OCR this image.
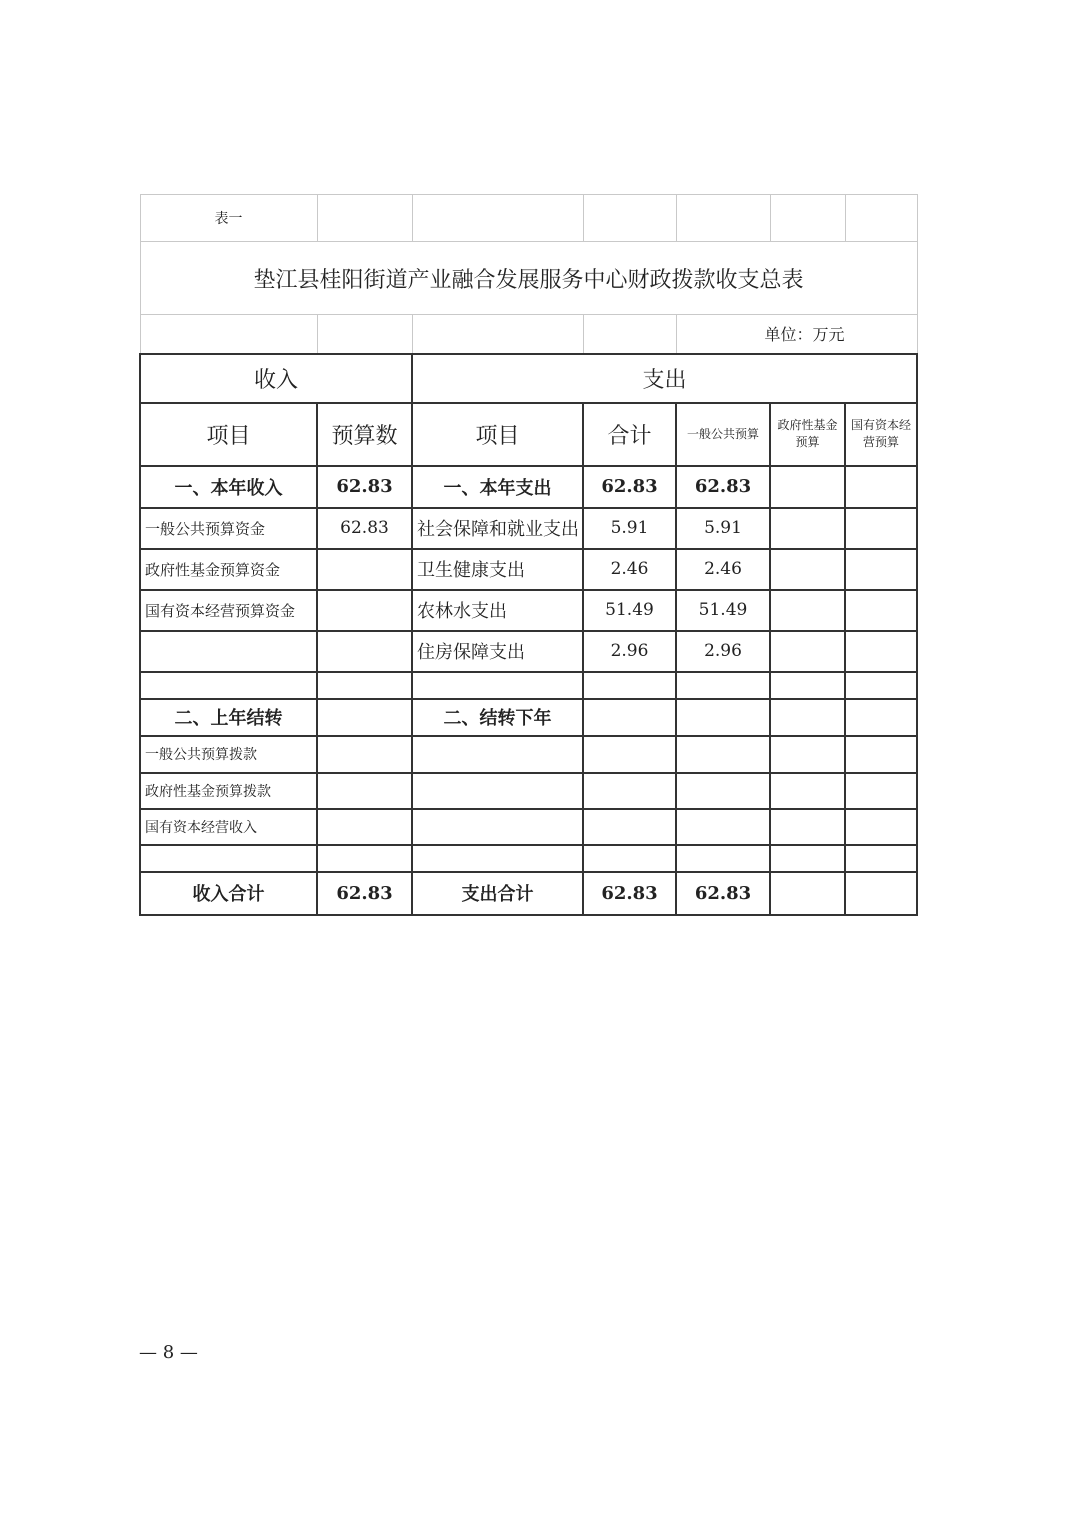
表一						
垫江县桂阳街道产业融合发展服务中心财政拨款收支总表						
				单位：万元		
收入		支出				
项目	预算数	项目	合计	一般公共预算	政府性基金预算	国有资本经营预算
一、本年收入	62.83	一、本年支出	62.83	62.83		
一般公共预算资金	62.83	社会保障和就业支出	5.91	5.91		
政府性基金预算资金		卫生健康支出	2.46	2.46		
国有资本经营预算资金		农林水支出	51.49	51.49		
		住房保障支出	2.96	2.96		

二、上年结转		二、结转下年				
一般公共预算拨款						
政府性基金预算拨款						
国有资本经营收入						

收入合计	62.83	支出合计	62.83	62.83		
— 8 —
